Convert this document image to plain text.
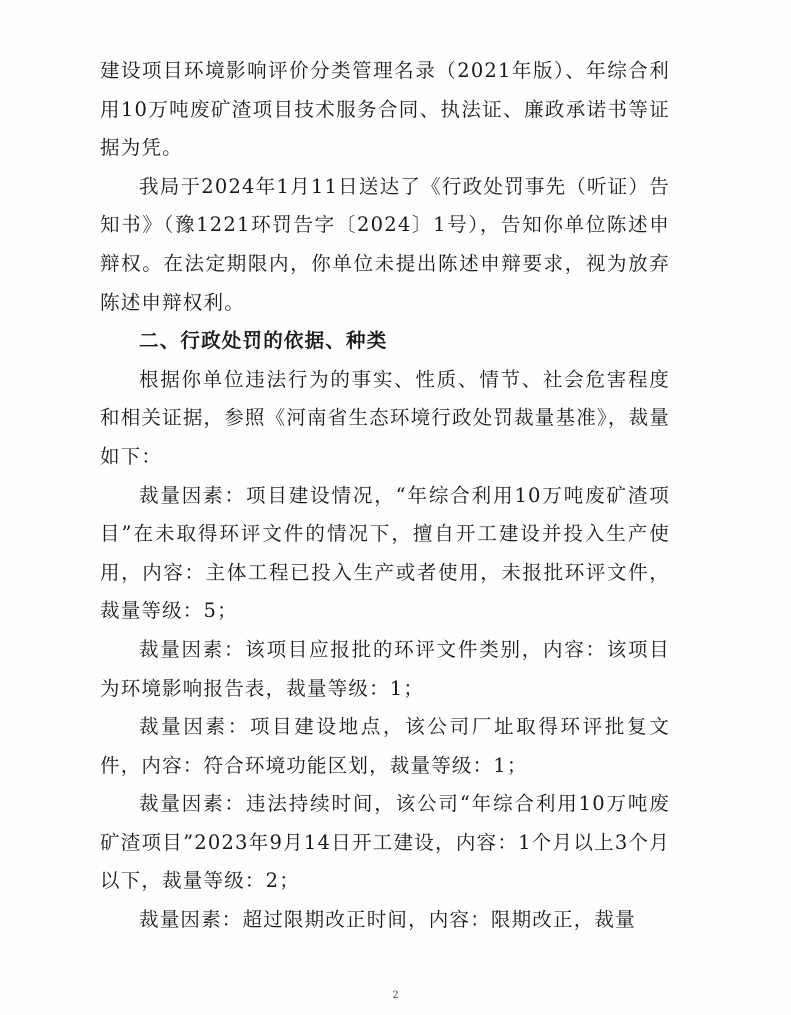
建设项目环境影响评价分类管理名录（2021年版）、年综合利用10万吨废矿渣项目技术服务合同、执法证、廉政承诺书等证据为凭。

我局于2024年1月11日送达了《行政处罚事先（听证）告知书》（豫1221环罚告字〔2024〕1号），告知你单位陈述申辩权。在法定期限内，你单位未提出陈述申辩要求，视为放弃陈述申辩权利。

二、行政处罚的依据、种类

根据你单位违法行为的事实、性质、情节、社会危害程度和相关证据，参照《河南省生态环境行政处罚裁量基准》，裁量如下：

裁量因素：项目建设情况，“年综合利用10万吨废矿渣项目”在未取得环评文件的情况下，擅自开工建设并投入生产使用，内容：主体工程已投入生产或者使用，未报批环评文件，裁量等级：5；

裁量因素：该项目应报批的环评文件类别，内容：该项目为环境影响报告表，裁量等级：1；

裁量因素：项目建设地点，该公司厂址取得环评批复文件，内容：符合环境功能区划，裁量等级：1；

裁量因素：违法持续时间，该公司“年综合利用10万吨废矿渣项目”2023年9月14日开工建设，内容：1个月以上3个月以下，裁量等级：2；

裁量因素：超过限期改正时间，内容：限期改正，裁量

2
